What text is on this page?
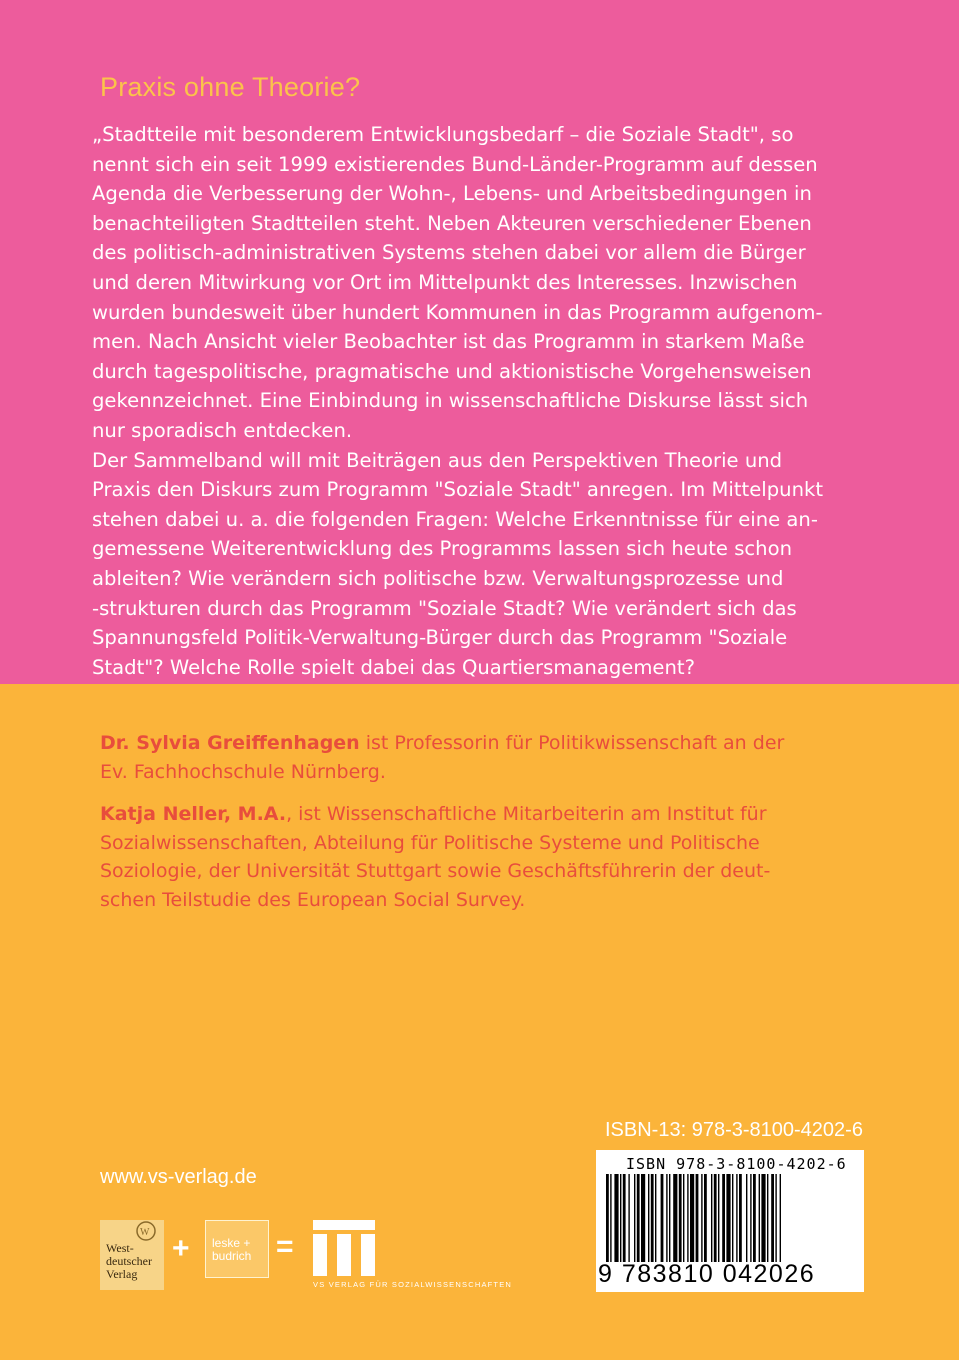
Praxis ohne Theorie?

„Stadtteile mit besonderem Entwicklungsbedarf – die Soziale Stadt", so

nennt sich ein seit 1999 existierendes Bund-Länder-Programm auf dessen

Agenda die Verbesserung der Wohn-, Lebens- und Arbeitsbedingungen in

benachteiligten Stadtteilen steht. Neben Akteuren verschiedener Ebenen

des politisch-administrativen Systems stehen dabei vor allem die Bürger

und deren Mitwirkung vor Ort im Mittelpunkt des Interesses. Inzwischen

wurden bundesweit über hundert Kommunen in das Programm aufgenom-

men. Nach Ansicht vieler Beobachter ist das Programm in starkem Maße

durch tagespolitische, pragmatische und aktionistische Vorgehensweisen

gekennzeichnet. Eine Einbindung in wissenschaftliche Diskurse lässt sich

nur sporadisch entdecken.

Der Sammelband will mit Beiträgen aus den Perspektiven Theorie und

Praxis den Diskurs zum Programm "Soziale Stadt" anregen. Im Mittelpunkt

stehen dabei u. a. die folgenden Fragen: Welche Erkenntnisse für eine an-

gemessene Weiterentwicklung des Programms lassen sich heute schon

ableiten? Wie verändern sich politische bzw. Verwaltungsprozesse und

-strukturen durch das Programm "Soziale Stadt? Wie verändert sich das

Spannungsfeld Politik-Verwaltung-Bürger durch das Programm "Soziale

Stadt"? Welche Rolle spielt dabei das Quartiersmanagement?

Dr. Sylvia Greiffenhagen ist Professorin für Politikwissenschaft an der
Ev. Fachhochschule Nürnberg.

Katja Neller, M.A., ist Wissenschaftliche Mitarbeiterin am Institut für
Sozialwissenschaften, Abteilung für Politische Systeme und Politische
Soziologie, der Universität Stuttgart sowie Geschäftsführerin der deut-
schen Teilstudie des European Social Survey.

ISBN-13: 978-3-8100-4202-6
ISBN 978-3-8100-4202-6
9 783810 042026
www.vs-verlag.de
W
West-
deutscher
Verlag
+ leske +
budrich =
VS VERLAG FÜR SOZIALWISSENSCHAFTEN
